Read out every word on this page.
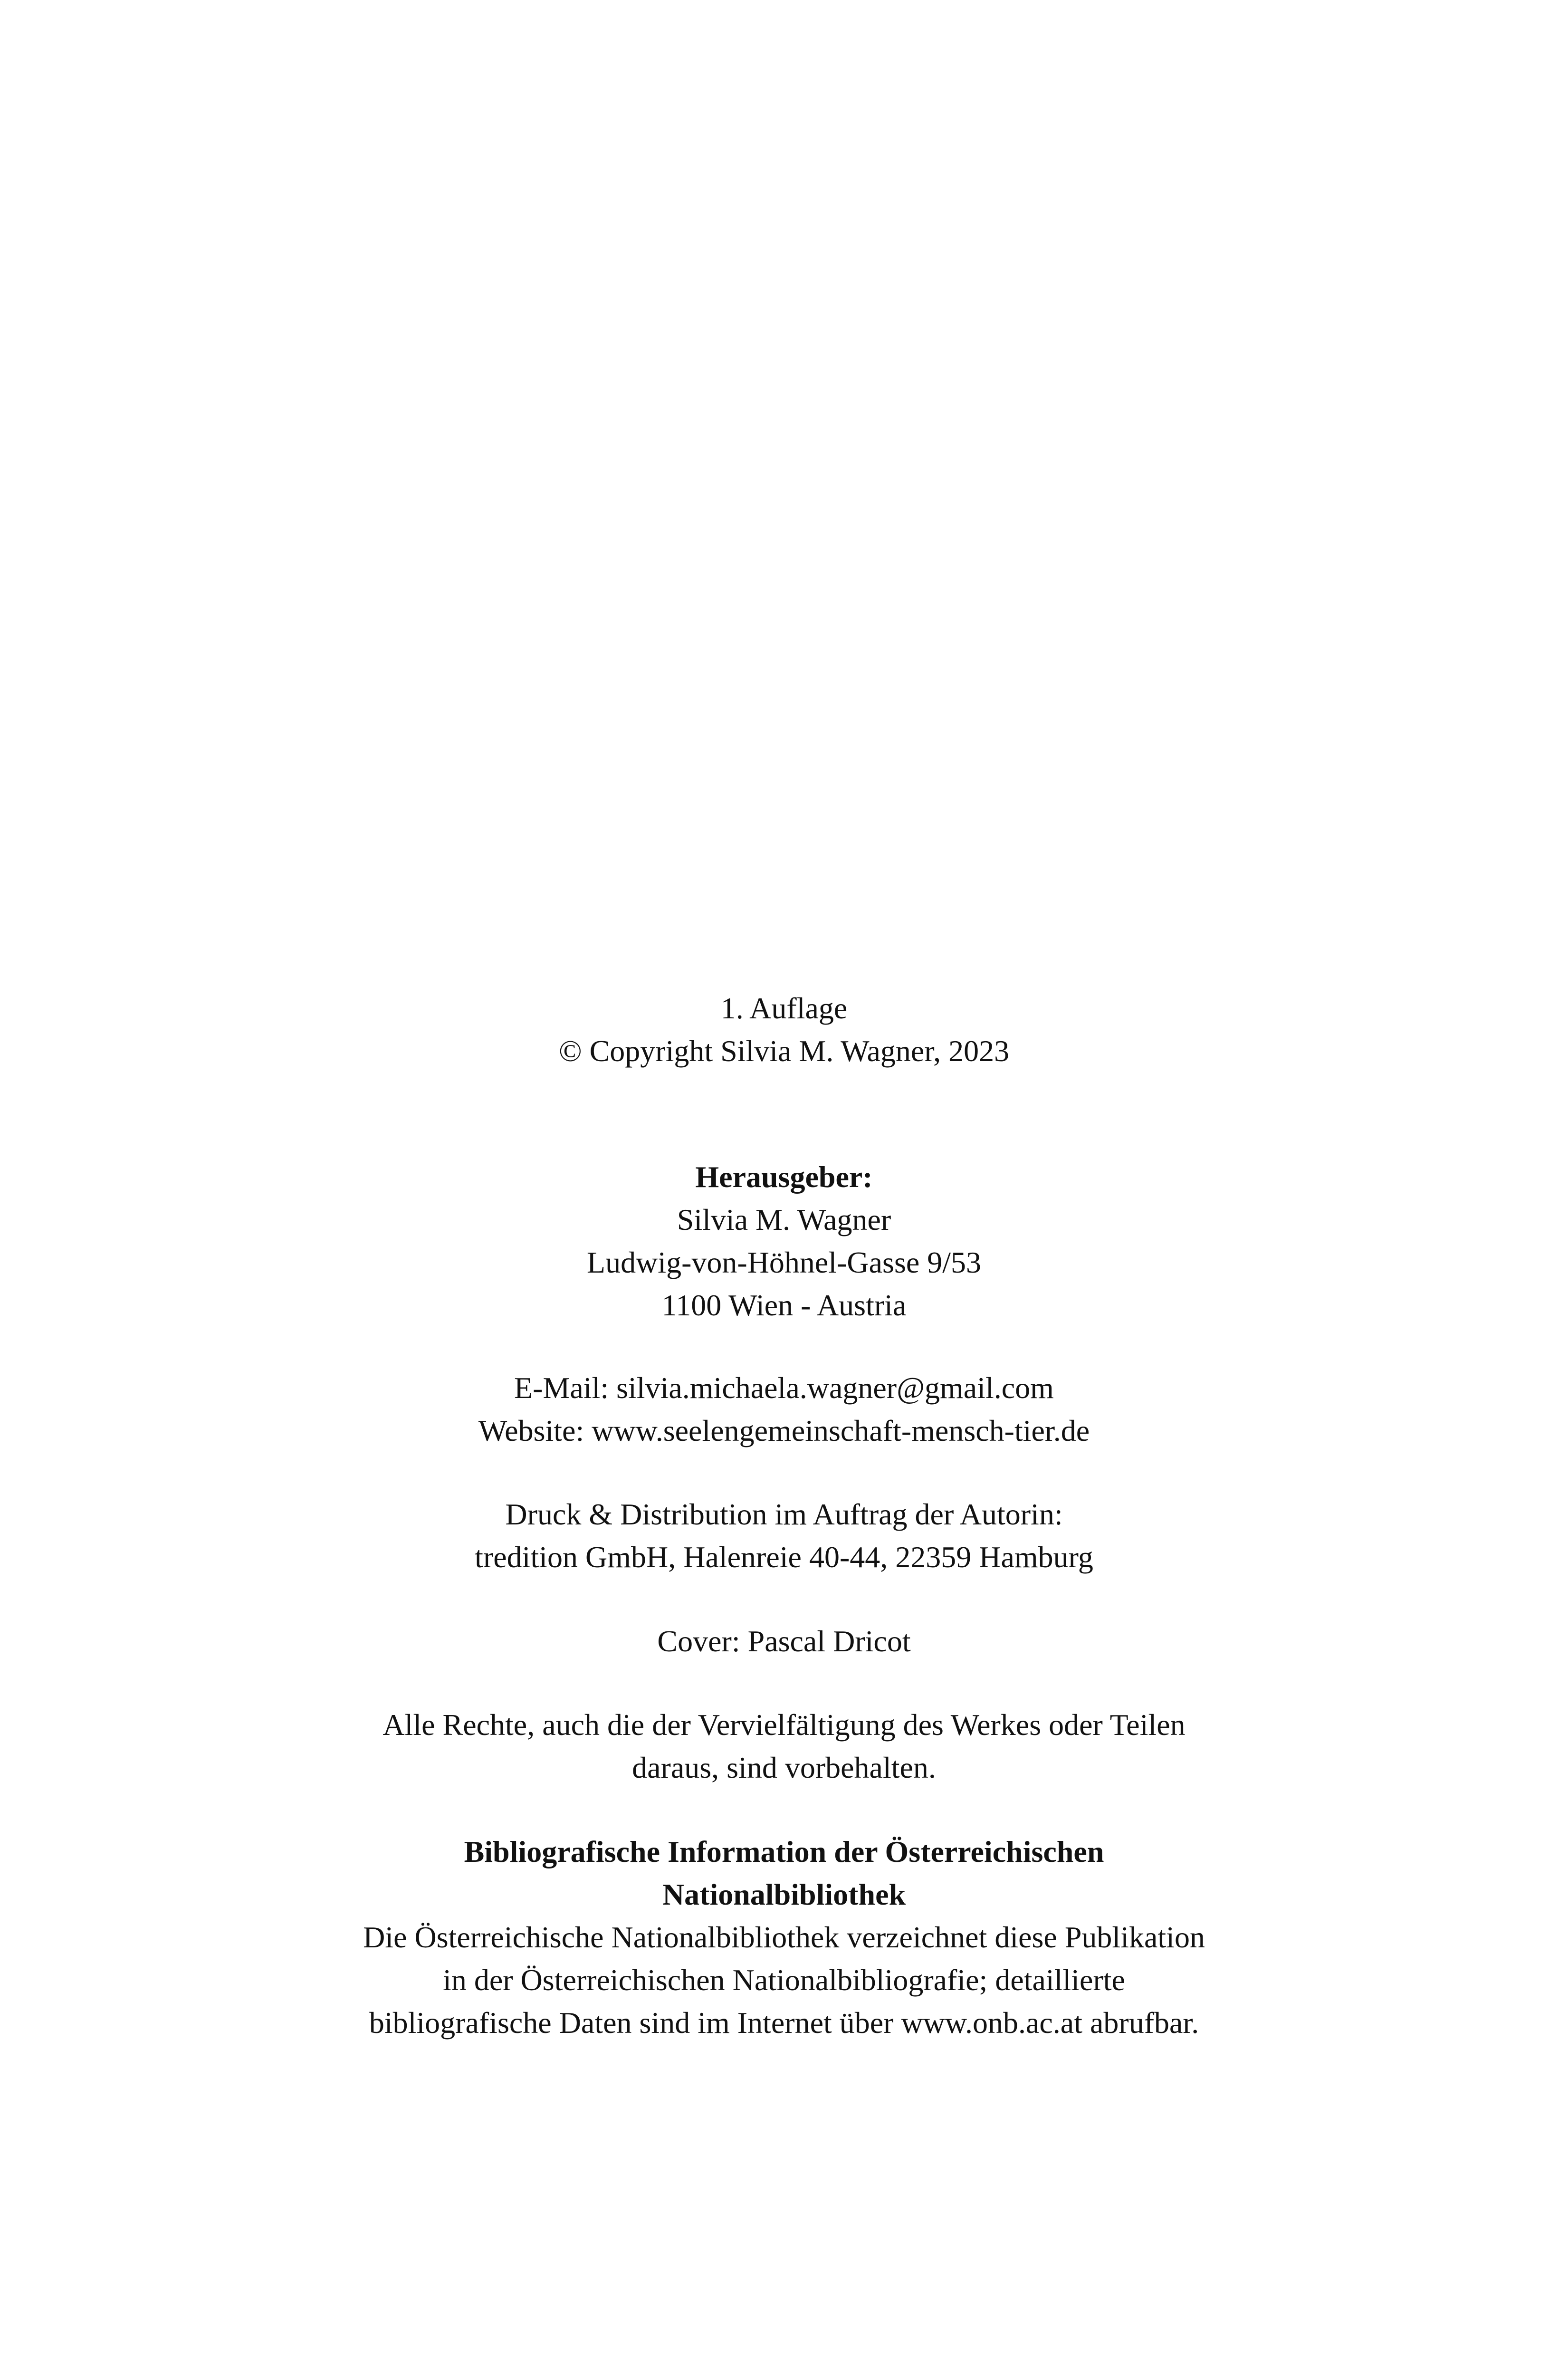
1. Auflage
© Copyright Silvia M. Wagner, 2023
Herausgeber:
Silvia M. Wagner
Ludwig-von-Höhnel-Gasse 9/53
1100 Wien - Austria
E-Mail: silvia.michaela.wagner@gmail.com
Website: www.seelengemeinschaft-mensch-tier.de
Druck & Distribution im Auftrag der Autorin:
tredition GmbH, Halenreie 40-44, 22359 Hamburg
Cover: Pascal Dricot
Alle Rechte, auch die der Vervielfältigung des Werkes oder Teilen
daraus, sind vorbehalten.
Bibliografische Information der Österreichischen
Nationalbibliothek
Die Österreichische Nationalbibliothek verzeichnet diese Publikation
in der Österreichischen Nationalbibliografie; detaillierte
bibliografische Daten sind im Internet über www.onb.ac.at abrufbar.
